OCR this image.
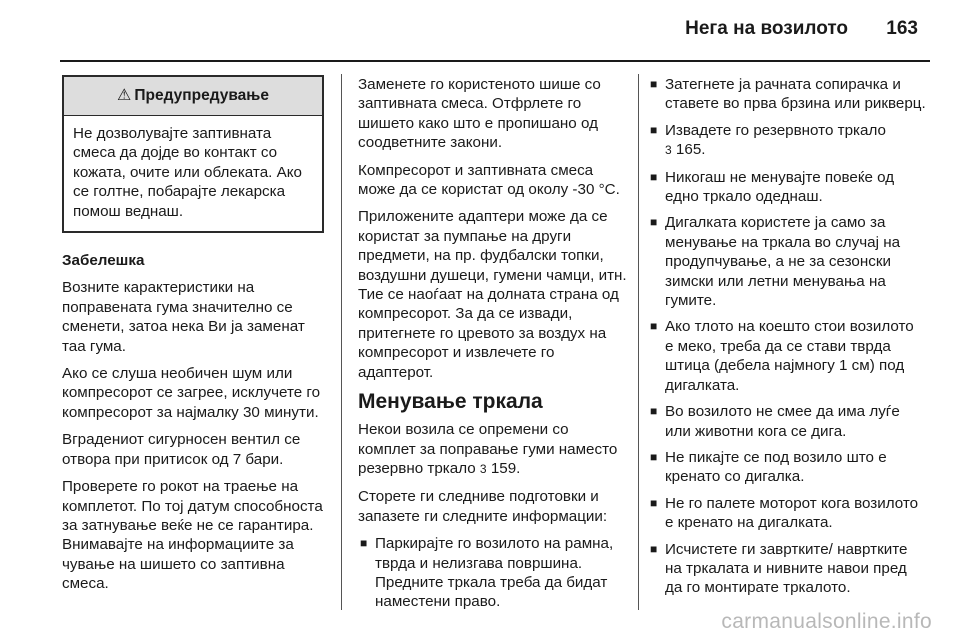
Нега на возилото 163
⚠ Предупредување
Не дозволувајте заптивната смеса да дојде во контакт со кожата, очите или облеката. Ако се голтне, побарајте лекарска помош веднаш.

Забелешка

Возните карактеристики на поправената гума значително се сменети, затоа нека Ви ја заменат таа гума.

Ако се слуша необичен шум или компресорот се загрее, исклучете го компресорот за најмалку 30 минути.

Вградениот сигурносен вентил се отвора при притисок од 7 бари.

Проверете го рокот на траење на комплетот. По тој датум способноста за затнување веќе не се гарантира. Внимавајте на информациите за чување на шишето со заптивна смеса.

Заменете го користеното шише со заптивната смеса. Отфрлете го шишето како што е пропишано од соодветните закони.

Компресорот и заптивната смеса може да се користат од околу -30 °C.

Приложените адаптери може да се користат за пумпање на други предмети, на пр. фудбалски топки, воздушни душеци, гумени чамци, итн. Тие се наоѓаат на долната страна од компресорот. За да се извади, притегнете го цревото за воздух на компресорот и извлечете го адаптерот.

Менување тркала

Некои возила се опремени со комплет за поправање гуми наместо резервно тркало 3 159.

Сторете ги следниве подготовки и запазете ги следните информации:

■ Паркирајте го возилото на рамна, тврда и нелизгава површина. Предните тркала треба да бидат наместени право.
■ Затегнете ја рачната сопирачка и ставете во прва брзина или рикверц.
■ Извадете го резервното тркало
3 165.
■ Никогаш не менувајте повеќе од едно тркало одеднаш.
■ Дигалката користете ја само за менување на тркала во случај на продупчување, а не за сезонски зимски или летни менувања на гумите.
■ Ако тлото на коешто стои возилото е меко, треба да се стави тврда штица (дебела најмногу 1 см) под дигалката.
■ Во возилото не смее да има луѓе или животни кога се дига.
■ Не пикајте се под возило што е кренато со дигалка.
■ Не го палете моторот кога возилото е кренато на дигалката.
■ Исчистете ги завртките/ навртките на тркалата и нивните навои пред да го монтирате тркалото.
carmanualsonline.info
